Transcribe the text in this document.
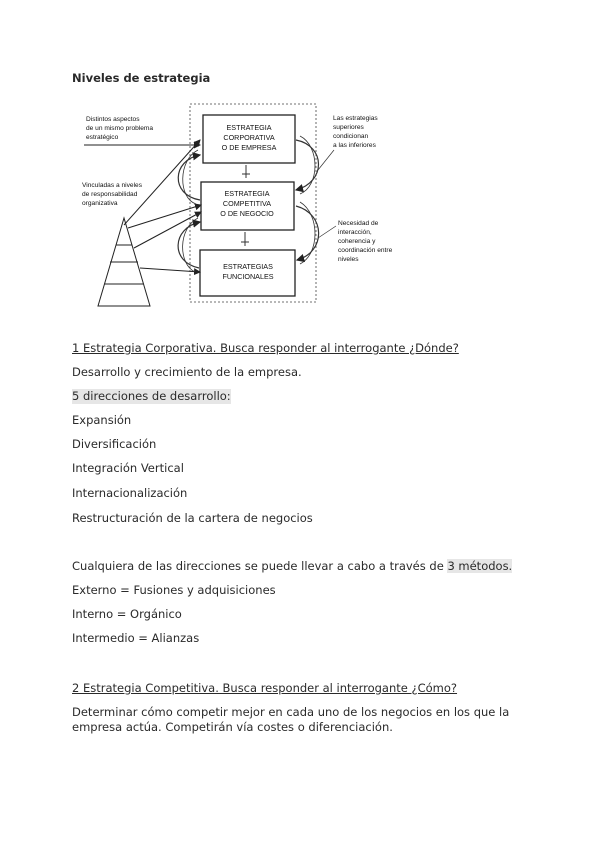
Niveles de estrategia
ESTRATEGIA
CORPORATIVA
O DE EMPRESA
ESTRATEGIA
COMPETITIVA
O DE NEGOCIO
ESTRATEGIAS
FUNCIONALES
Distintos aspectos
de un mismo problema
estratégico
Vinculadas a niveles
de responsabilidad
organizativa
Las estrategias
superiores
condicionan
a las inferiores
Necesidad de
interacción,
coherencia y
coordinación entre
niveles
1 Estrategia Corporativa. Busca responder al interrogante ¿Dónde?
Desarrollo y crecimiento de la empresa.
5 direcciones de desarrollo:
Expansión
Diversificación
Integración Vertical
Internacionalización
Restructuración de la cartera de negocios
Cualquiera de las direcciones se puede llevar a cabo a través de 3 métodos.
Externo = Fusiones y adquisiciones
Interno = Orgánico
Intermedio = Alianzas
2 Estrategia Competitiva. Busca responder al interrogante ¿Cómo?
Determinar cómo competir mejor en cada uno de los negocios en los que la empresa actúa. Competirán vía costes o diferenciación.
